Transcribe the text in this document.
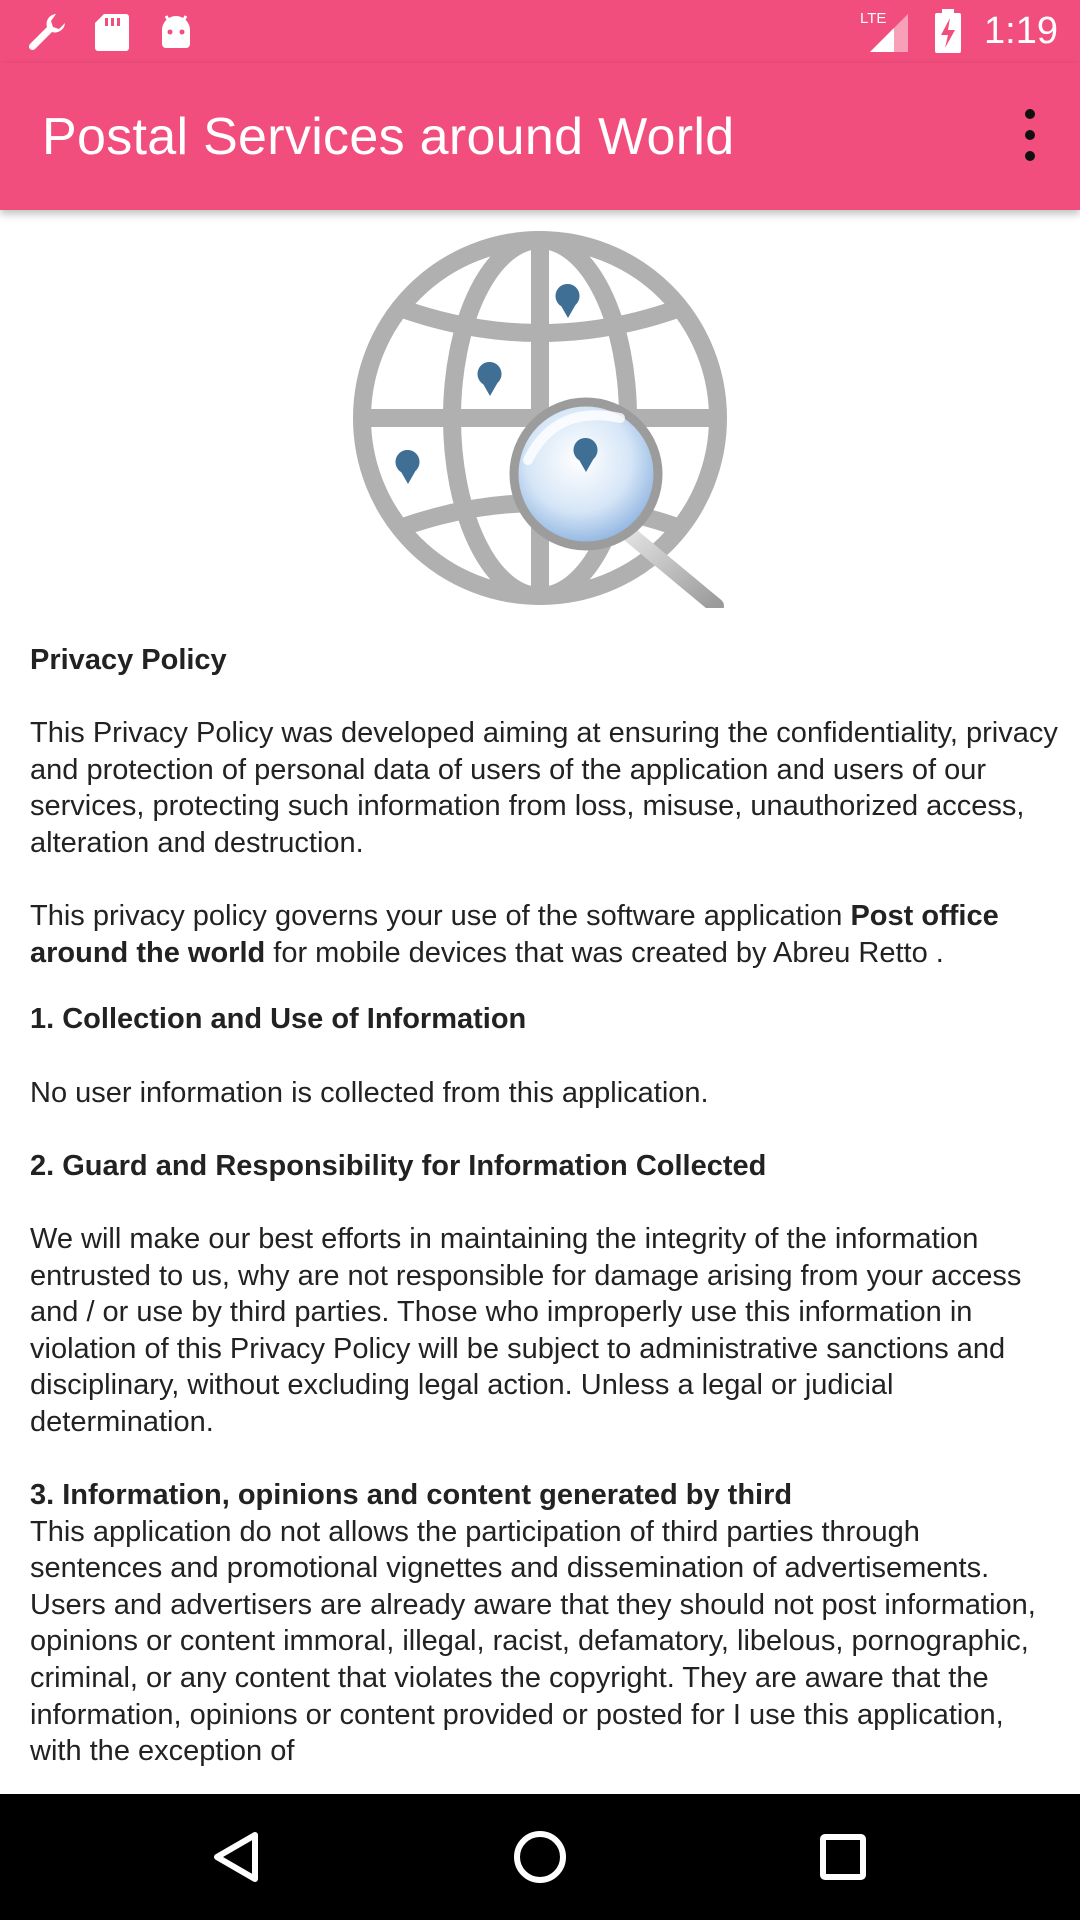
LTE	1:19
Postal Services around World

Privacy Policy

This Privacy Policy was developed aiming at ensuring the confidentiality, privacy and protection of personal data of users of the application and users of our services, protecting such information from loss, misuse, unauthorized access, alteration and destruction.

This privacy policy governs your use of the software application Post office around the world for mobile devices that was created by Abreu Retto .

1. Collection and Use of Information

No user information is collected from this application.

2. Guard and Responsibility for Information Collected

We will make our best efforts in maintaining the integrity of the information entrusted to us, why are not responsible for damage arising from your access and / or use by third parties. Those who improperly use this information in violation of this Privacy Policy will be subject to administrative sanctions and disciplinary, without excluding legal action. Unless a legal or judicial determination.

3. Information, opinions and content generated by third

This application do not allows the participation of third parties through sentences and promotional vignettes and dissemination of advertisements. Users and advertisers are already aware that they should not post information, opinions or content immoral, illegal, racist, defamatory, libelous, pornographic, criminal, or any content that violates the copyright. They are aware that the information, opinions or content provided or posted for I use this application, with the exception of
